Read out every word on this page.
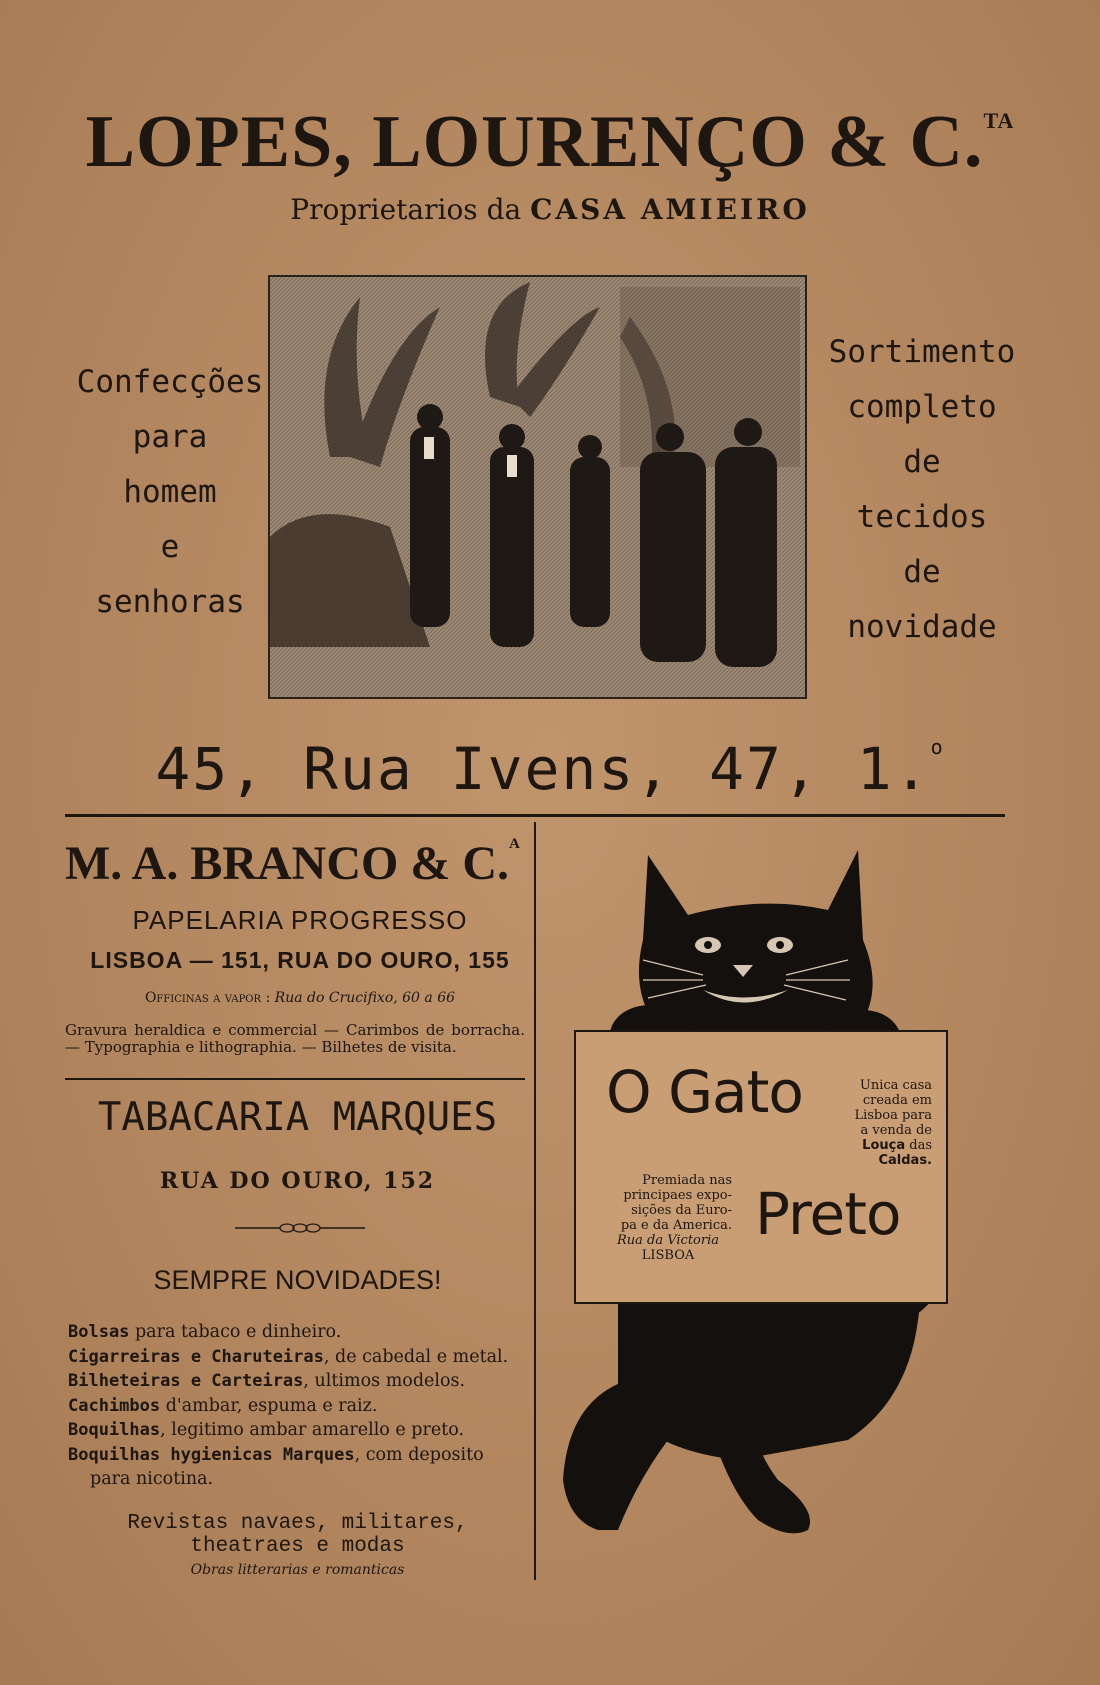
LOPES, LOURENÇO & C.$^{TA}$
Proprietarios da CASA AMIEIRO
Confecções
para
homem
e
senhoras
Sortimento
completo
de
tecidos
de
novidade
45, Rua Ivens, 47, 1.$^o$
M. A. BRANCO & C.$^A$
PAPELARIA PROGRESSO
LISBOA — 151, RUA DO OURO, 155
Officinas a vapor : Rua do Crucifixo, 60 a 66
Gravura heraldica e commercial — Carimbos de borracha. — Typographia e lithographia. — Bilhetes de visita.
TABACARIA MARQUES
RUA DO OURO, 152
SEMPRE NOVIDADES!
Bolsas para tabaco e dinheiro.
Cigarreiras e Charuteiras, de cabedal e metal.
Bilheteiras e Carteiras, ultimos modelos.
Cachimbos d'ambar, espuma e raiz.
Boquilhas, legitimo ambar amarello e preto.
Boquilhas hygienicas Marques, com deposito
para nicotina.
Revistas navaes, militares, theatraes e modas
Obras litterarias e romanticas
O Gato
Preto
Unica casa
creada em
Lisboa para
a venda de
Louça das
Caldas.
Premiada nas
principaes expo-
sições da Euro-
pa e da America.
Rua da Victoria
LISBOA
